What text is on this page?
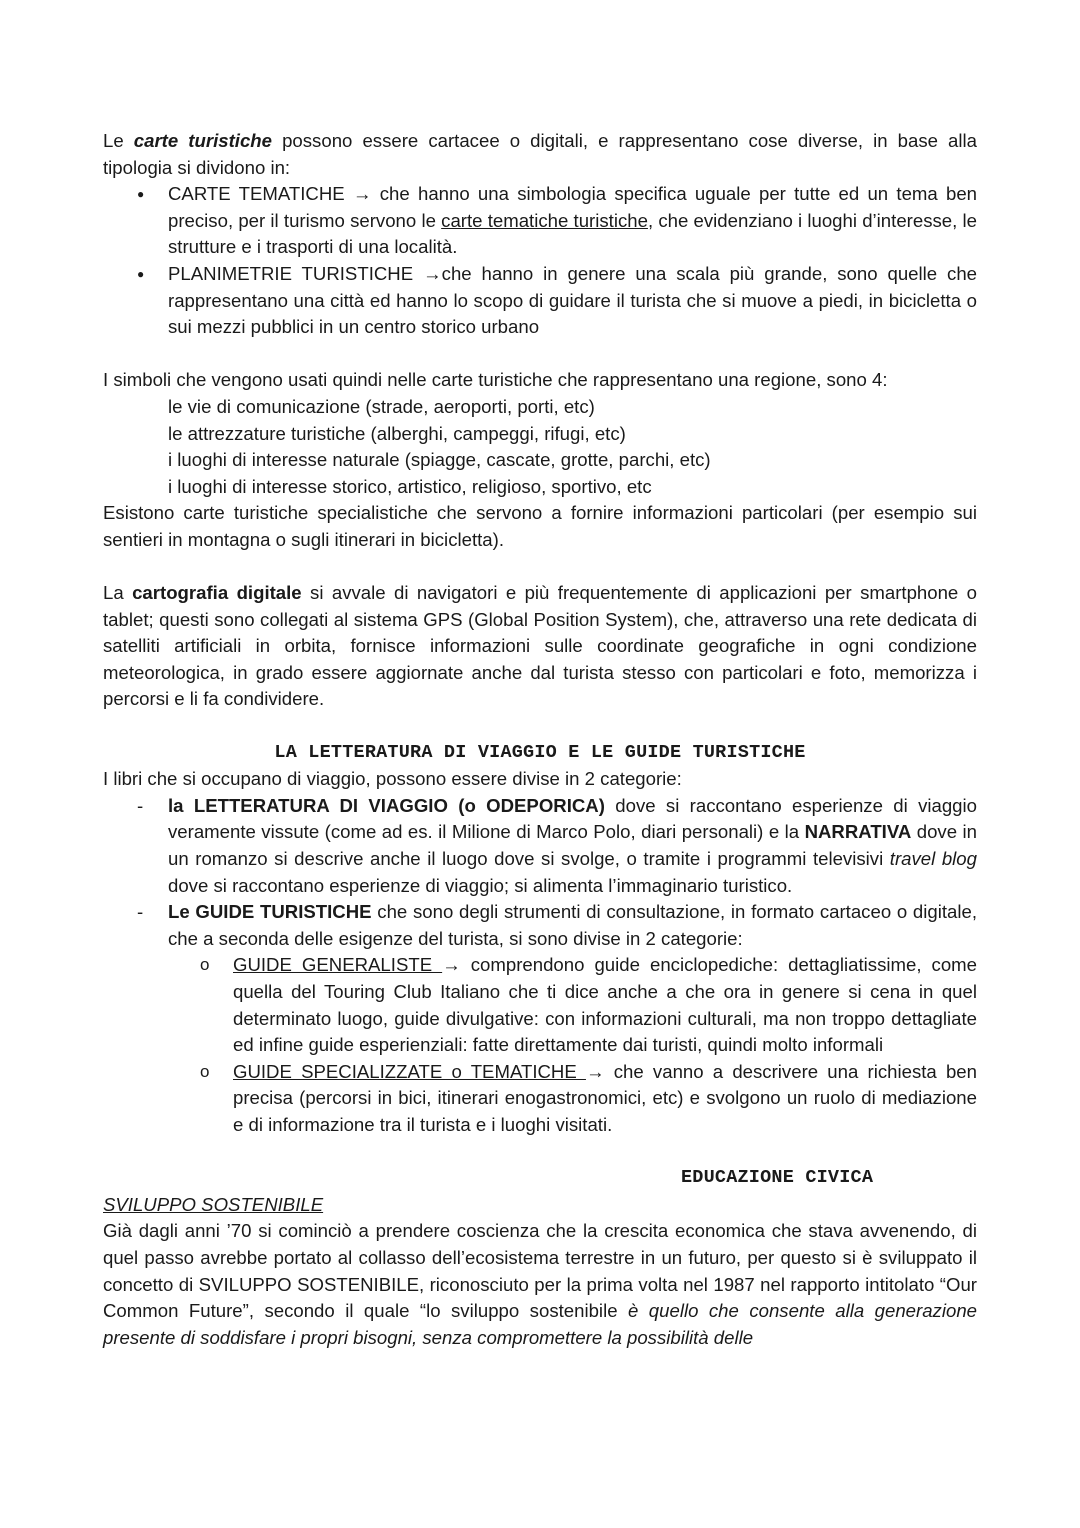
Le carte turistiche possono essere cartacee o digitali, e rappresentano cose diverse, in base alla tipologia si dividono in:

● CARTE TEMATICHE → che hanno una simbologia specifica uguale per tutte ed un tema ben preciso, per il turismo servono le carte tematiche turistiche, che evidenziano i luoghi d’interesse, le strutture e i trasporti di una località.
● PLANIMETRIE TURISTICHE →che hanno in genere una scala più grande, sono quelle che rappresentano una città ed hanno lo scopo di guidare il turista che si muove a piedi, in bicicletta o sui mezzi pubblici in un centro storico urbano

I simboli che vengono usati quindi nelle carte turistiche che rappresentano una regione, sono 4:

le vie di comunicazione (strade, aeroporti, porti, etc)

le attrezzature turistiche (alberghi, campeggi, rifugi, etc)

i luoghi di interesse naturale (spiagge, cascate, grotte, parchi, etc)

i luoghi di interesse storico, artistico, religioso, sportivo, etc

Esistono carte turistiche specialistiche che servono a fornire informazioni particolari (per esempio sui sentieri in montagna o sugli itinerari in bicicletta).

La cartografia digitale si avvale di navigatori e più frequentemente di applicazioni per smartphone o tablet; questi sono collegati al sistema GPS (Global Position System), che, attraverso una rete dedicata di satelliti artificiali in orbita, fornisce informazioni sulle coordinate geografiche in ogni condizione meteorologica, in grado essere aggiornate anche dal turista stesso con particolari e foto, memorizza i percorsi e li fa condividere.

LA LETTERATURA DI VIAGGIO E LE GUIDE TURISTICHE

I libri che si occupano di viaggio, possono essere divise in 2 categorie:

- la LETTERATURA DI VIAGGIO (o ODEPORICA) dove si raccontano esperienze di viaggio veramente vissute (come ad es. il Milione di Marco Polo, diari personali) e la NARRATIVA dove in un romanzo si descrive anche il luogo dove si svolge, o tramite i programmi televisivi travel blog dove si raccontano esperienze di viaggio; si alimenta l’immaginario turistico.
- Le GUIDE TURISTICHE che sono degli strumenti di consultazione, in formato cartaceo o digitale, che a seconda delle esigenze del turista, si sono divise in 2 categorie:
o GUIDE GENERALISTE → comprendono guide enciclopediche: dettagliatissime, come quella del Touring Club Italiano che ti dice anche a che ora in genere si cena in quel determinato luogo, guide divulgative: con informazioni culturali, ma non troppo dettagliate ed infine guide esperienziali: fatte direttamente dai turisti, quindi molto informali
o GUIDE SPECIALIZZATE o TEMATICHE → che vanno a descrivere una richiesta ben precisa (percorsi in bici, itinerari enogastronomici, etc) e svolgono un ruolo di mediazione e di informazione tra il turista e i luoghi visitati.

EDUCAZIONE CIVICA

SVILUPPO SOSTENIBILE

Già dagli anni ’70 si cominciò a prendere coscienza che la crescita economica che stava avvenendo, di quel passo avrebbe portato al collasso dell’ecosistema terrestre in un futuro, per questo si è sviluppato il concetto di SVILUPPO SOSTENIBILE, riconosciuto per la prima volta nel 1987 nel rapporto intitolato “Our Common Future”, secondo il quale “lo sviluppo sostenibile è quello che consente alla generazione presente di soddisfare i propri bisogni, senza compromettere la possibilità delle
